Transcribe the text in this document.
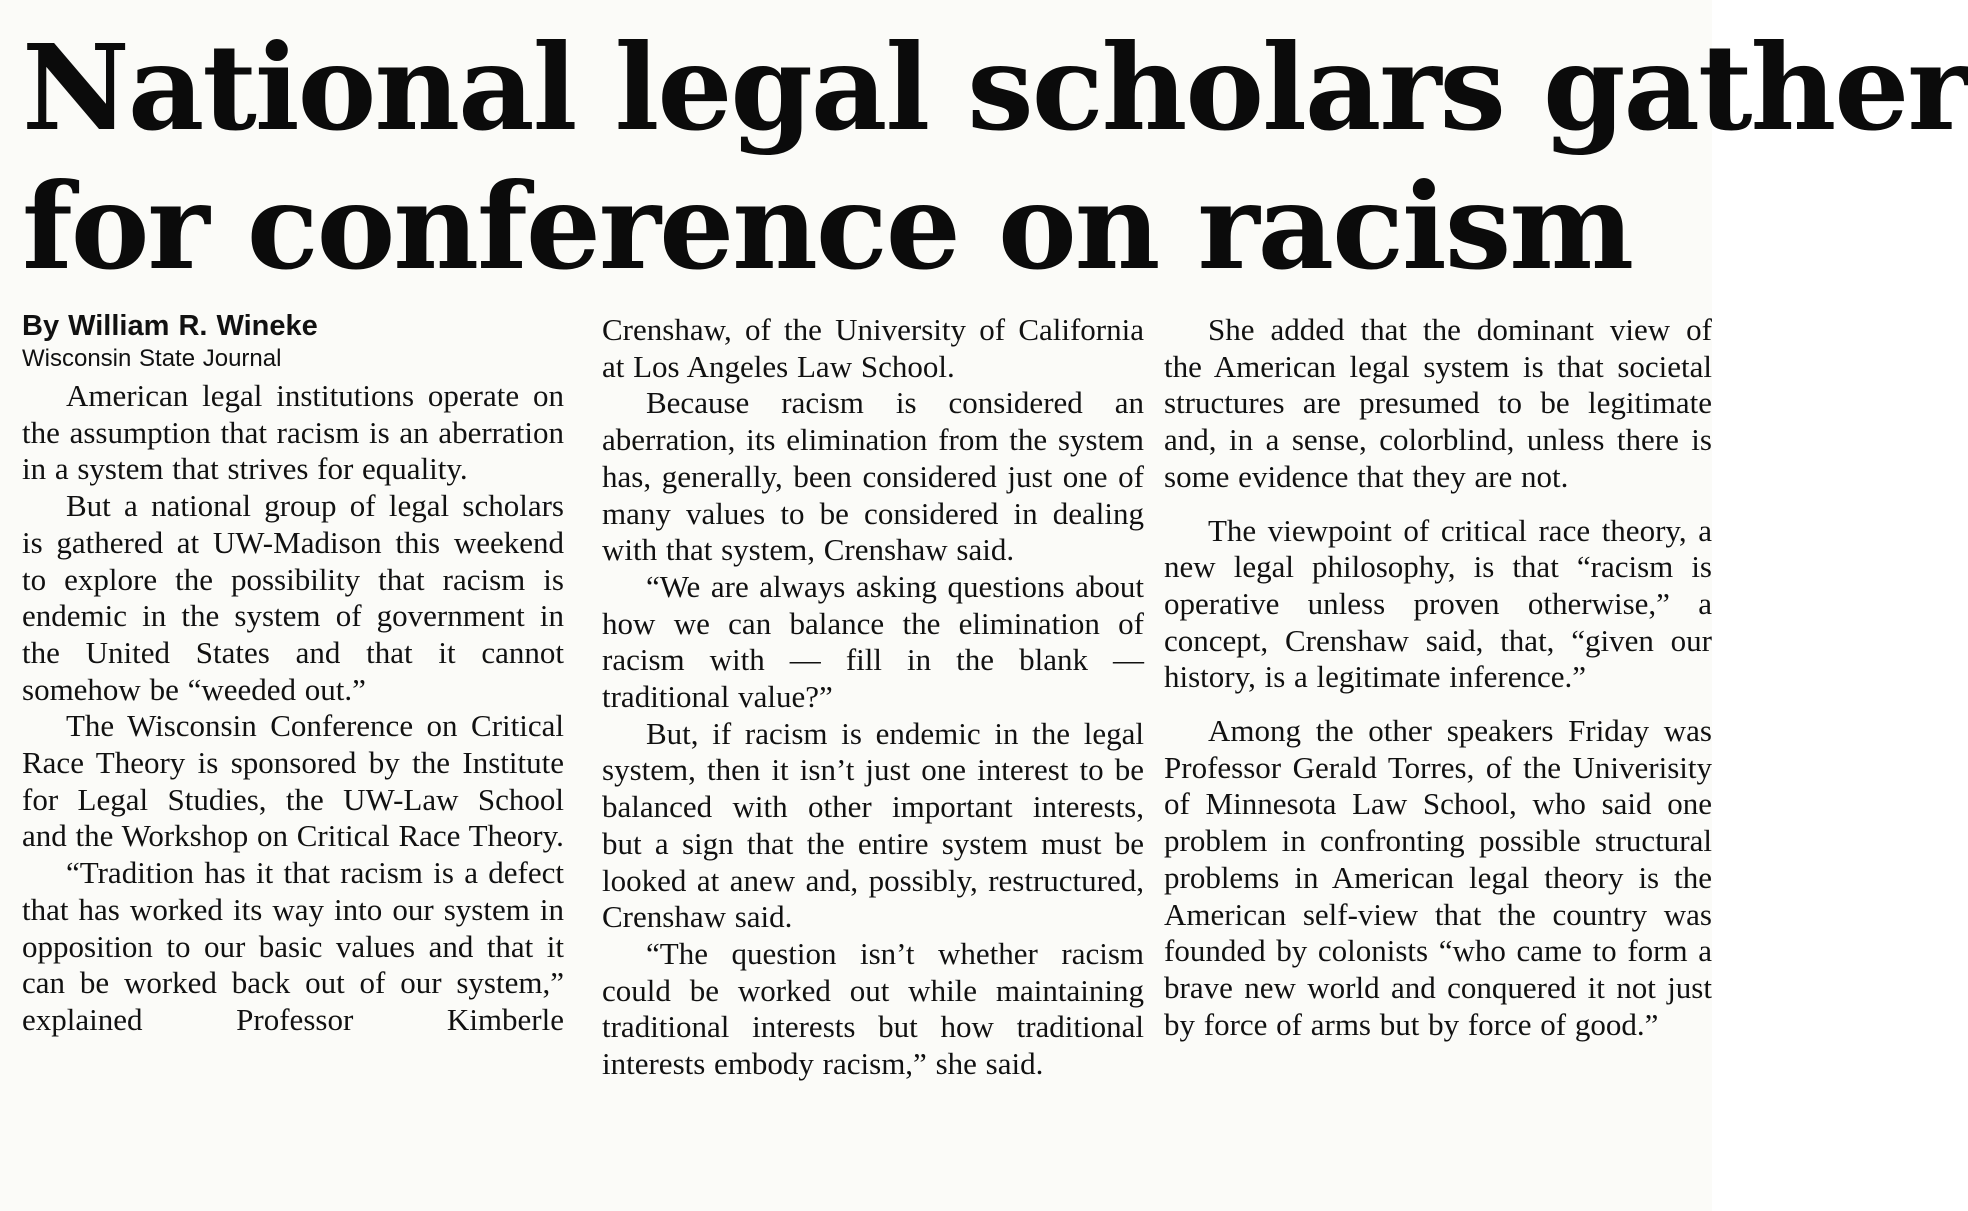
National legal scholars gather
for conference on racism

By William R. Wineke

Wisconsin State Journal

American legal institutions operate on the assumption that racism is an aberration in a system that strives for equality.

But a national group of legal scholars is gathered at UW-Madison this weekend to explore the possibility that racism is endemic in the system of government in the United States and that it cannot somehow be “weeded out.”

The Wisconsin Conference on Critical Race Theory is sponsored by the Institute for Legal Studies, the UW-Law School and the Workshop on Critical Race Theory.

“Tradition has it that racism is a defect that has worked its way into our system in opposition to our basic values and that it can be worked back out of our system,” explained Professor Kimberle

Crenshaw, of the University of California at Los Angeles Law School.

Because racism is considered an aberration, its elimination from the system has, generally, been considered just one of many values to be considered in dealing with that system, Crenshaw said.

“We are always asking questions about how we can balance the elimination of racism with — fill in the blank — traditional value?”

But, if racism is endemic in the legal system, then it isn’t just one interest to be balanced with other important interests, but a sign that the entire system must be looked at anew and, possibly, restructured, Crenshaw said.

“The question isn’t whether racism could be worked out while maintaining traditional interests but how traditional interests embody racism,” she said.

She added that the dominant view of the American legal system is that societal structures are presumed to be legitimate and, in a sense, colorblind, unless there is some evidence that they are not.

The viewpoint of critical race theory, a new legal philosophy, is that “racism is operative unless proven otherwise,” a concept, Crenshaw said, that, “given our history, is a legitimate inference.”

Among the other speakers Friday was Professor Gerald Torres, of the Univerisity of Minnesota Law School, who said one problem in confronting possible structural problems in American legal theory is the American self-view that the country was founded by colonists “who came to form a brave new world and conquered it not just by force of arms but by force of good.”
